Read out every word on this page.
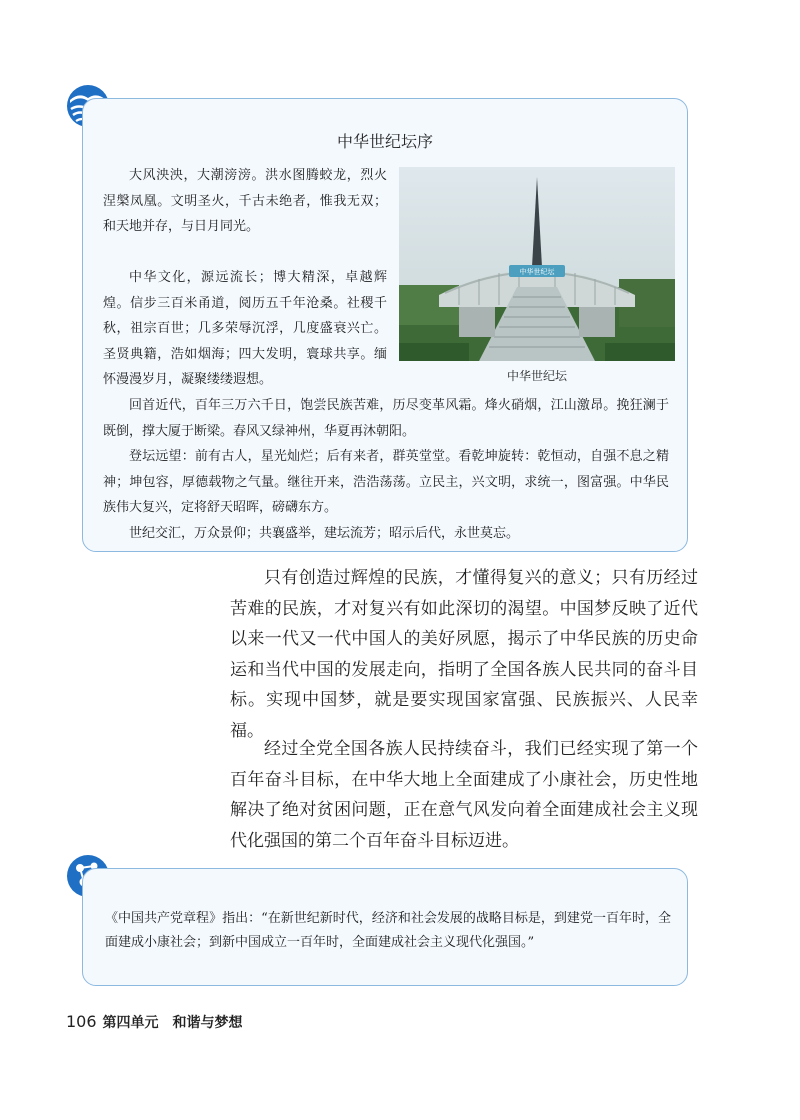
中华世纪坛序

大风泱泱，大潮滂滂。洪水图腾蛟龙，烈火涅槃凤凰。文明圣火，千古未绝者，惟我无双；和天地并存，与日月同光。

中华文化，源远流长；博大精深，卓越辉煌。信步三百米甬道，阅历五千年沧桑。社稷千秋，祖宗百世；几多荣辱沉浮，几度盛衰兴亡。圣贤典籍，浩如烟海；四大发明，寰球共享。缅怀漫漫岁月，凝聚缕缕遐想。

中华世纪坛
中华世纪坛

回首近代，百年三万六千日，饱尝民族苦难，历尽变革风霜。烽火硝烟，江山激昂。挽狂澜于既倒，撑大厦于断梁。春风又绿神州，华夏再沐朝阳。

登坛远望：前有古人，星光灿烂；后有来者，群英堂堂。看乾坤旋转：乾恒动，自强不息之精神；坤包容，厚德载物之气量。继往开来，浩浩荡荡。立民主，兴文明，求统一，图富强。中华民族伟大复兴，定将舒天昭晖，磅礴东方。

世纪交汇，万众景仰；共襄盛举，建坛流芳；昭示后代，永世莫忘。

只有创造过辉煌的民族，才懂得复兴的意义；只有历经过苦难的民族，才对复兴有如此深切的渴望。中国梦反映了近代以来一代又一代中国人的美好夙愿，揭示了中华民族的历史命运和当代中国的发展走向，指明了全国各族人民共同的奋斗目标。实现中国梦，就是要实现国家富强、民族振兴、人民幸福。

经过全党全国各族人民持续奋斗，我们已经实现了第一个百年奋斗目标，在中华大地上全面建成了小康社会，历史性地解决了绝对贫困问题，正在意气风发向着全面建成社会主义现代化强国的第二个百年奋斗目标迈进。

《中国共产党章程》指出：“在新世纪新时代，经济和社会发展的战略目标是，到建党一百年时，全面建成小康社会；到新中国成立一百年时，全面建成社会主义现代化强国。”

106 第四单元 和谐与梦想
